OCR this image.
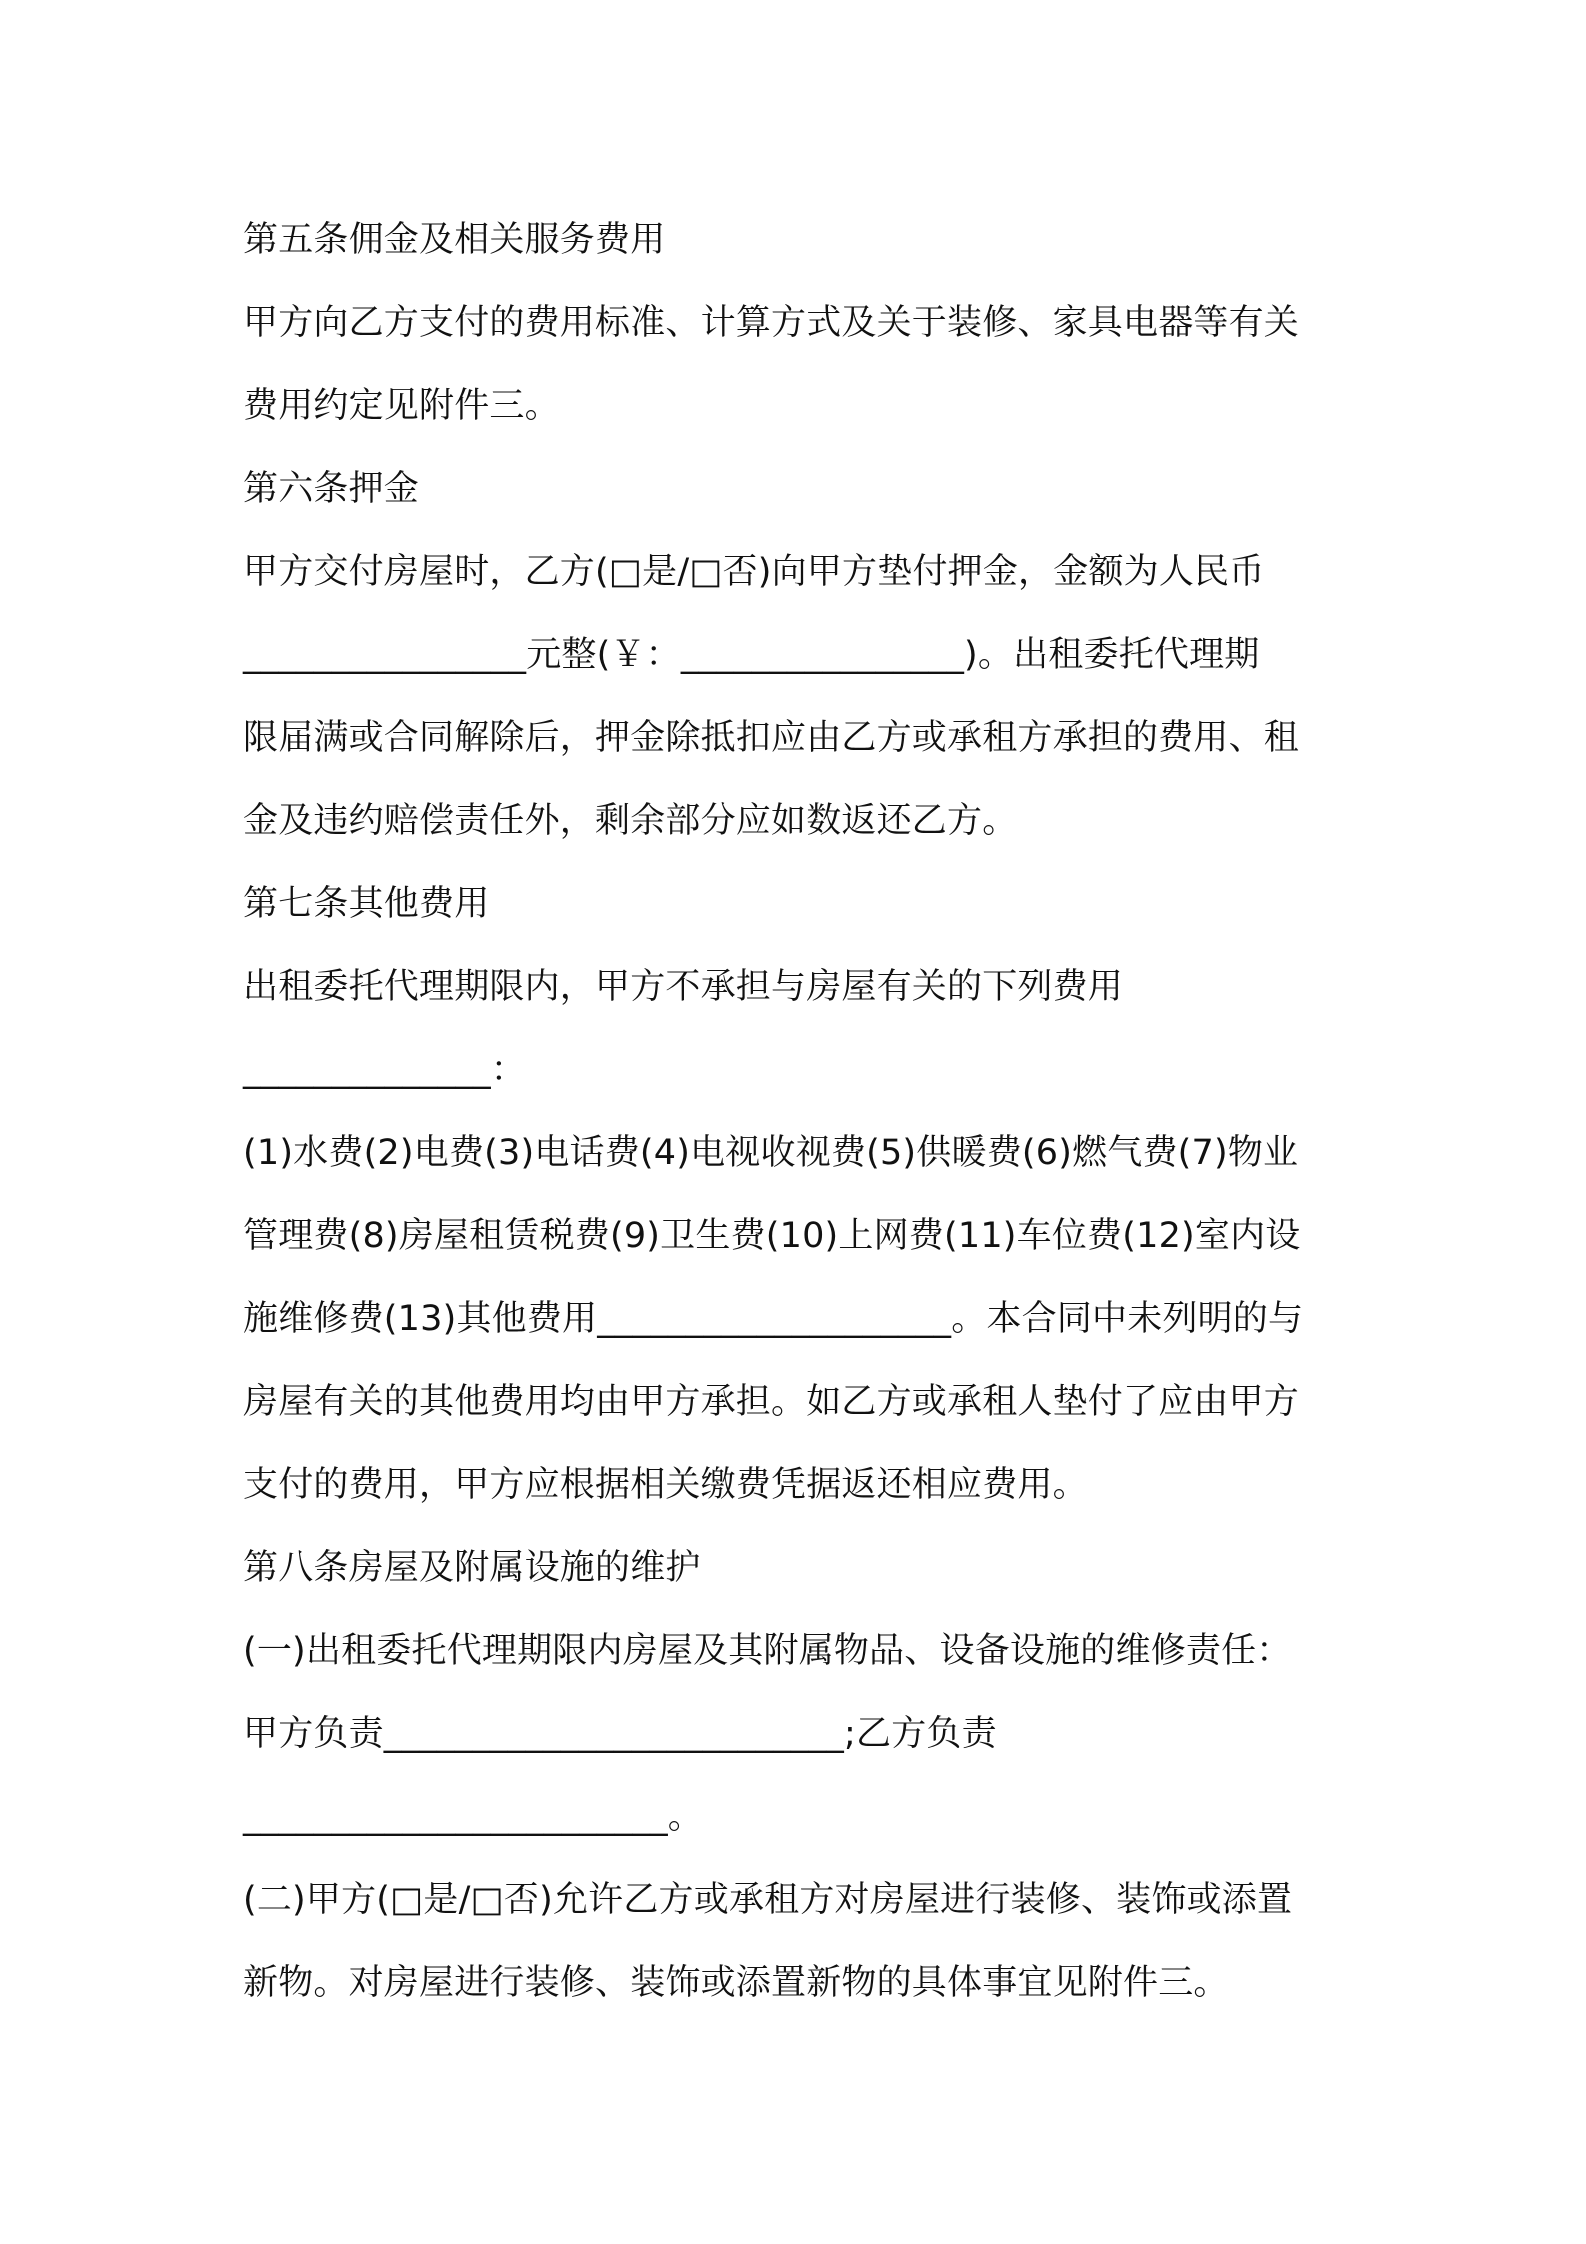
第五条佣金及相关服务费用
甲方向乙方支付的费用标准、计算方式及关于装修、家具电器等有关
费用约定见附件三。
第六条押金
甲方交付房屋时，乙方(□是/□否)向甲方垫付押金，金额为人民币
________________元整(￥：________________)。出租委托代理期
限届满或合同解除后，押金除抵扣应由乙方或承租方承担的费用、租
金及违约赔偿责任外，剩余部分应如数返还乙方。
第七条其他费用
出租委托代理期限内，甲方不承担与房屋有关的下列费用
______________：
(1)水费(2)电费(3)电话费(4)电视收视费(5)供暖费(6)燃气费(7)物业
管理费(8)房屋租赁税费(9)卫生费(10)上网费(11)车位费(12)室内设
施维修费(13)其他费用____________________。本合同中未列明的与
房屋有关的其他费用均由甲方承担。如乙方或承租人垫付了应由甲方
支付的费用，甲方应根据相关缴费凭据返还相应费用。
第八条房屋及附属设施的维护
(一)出租委托代理期限内房屋及其附属物品、设备设施的维修责任：
甲方负责__________________________;乙方负责
________________________。
(二)甲方(□是/□否)允许乙方或承租方对房屋进行装修、装饰或添置
新物。对房屋进行装修、装饰或添置新物的具体事宜见附件三。
